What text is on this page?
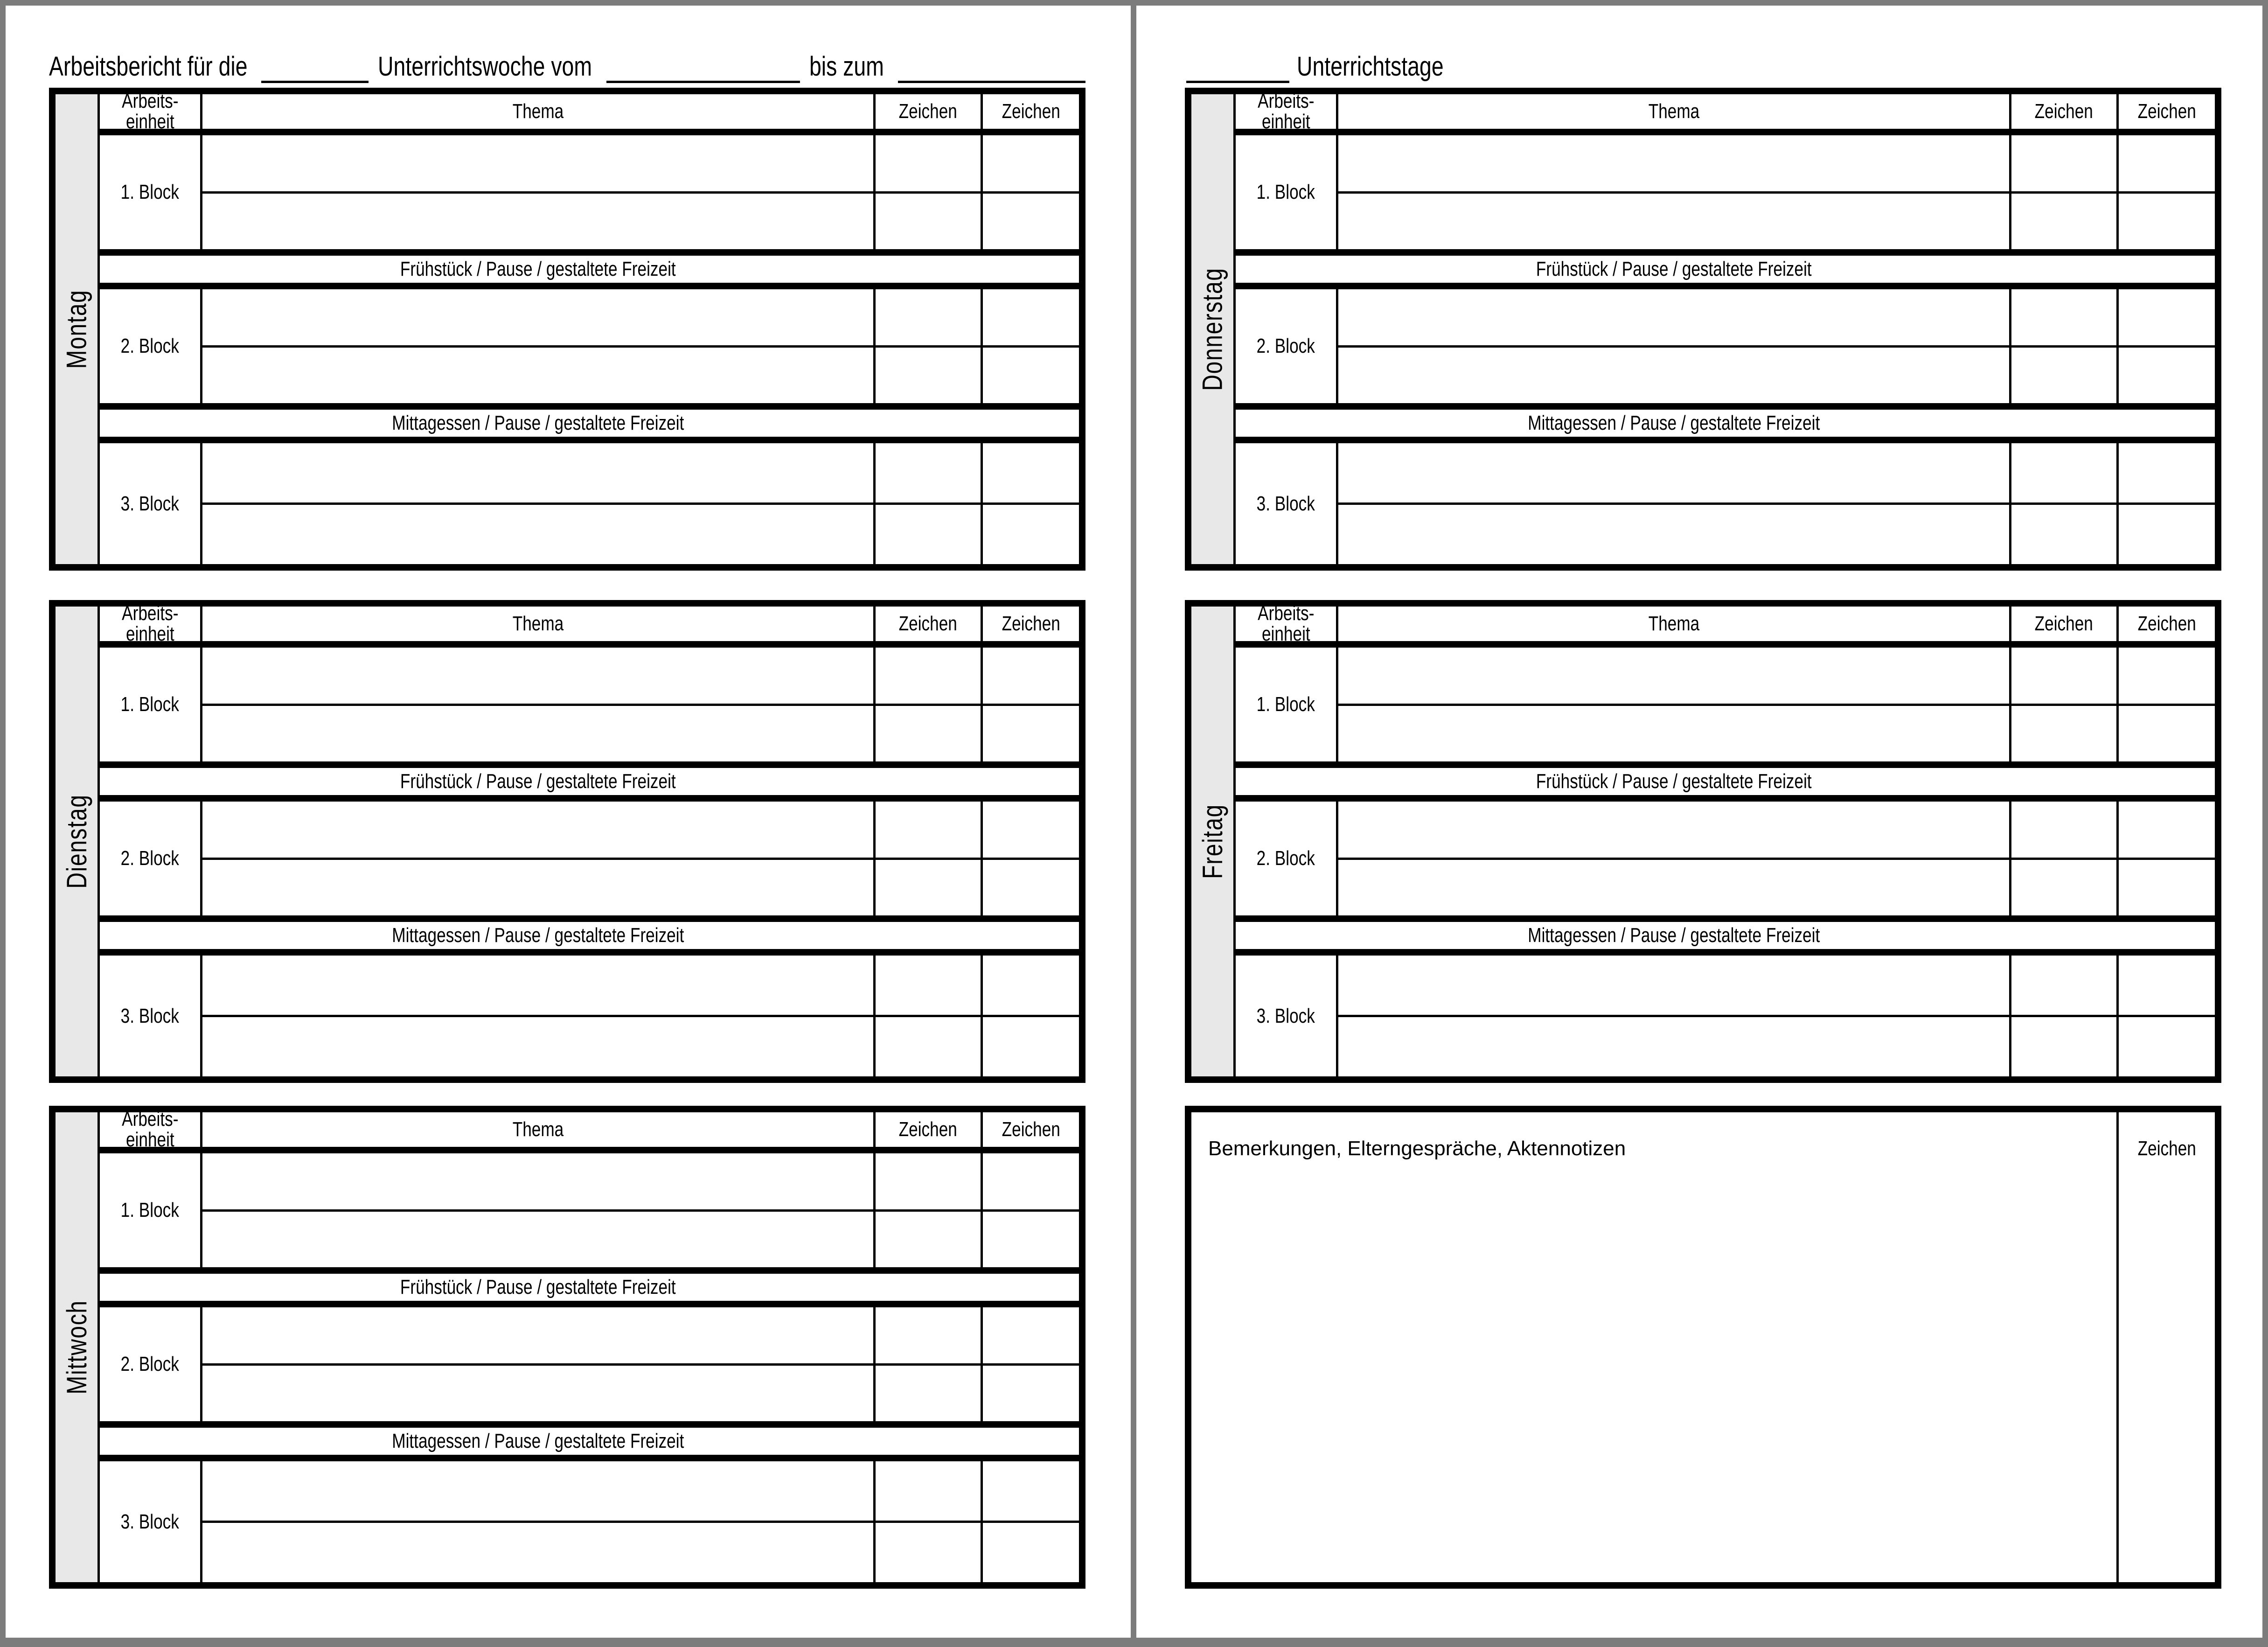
Arbeitsbericht für die	Unterrichtswoche vom	bis zum
Montag
Arbeits-
einheit	Thema	Zeichen Zeichen
1. Block
Frühstück / Pause / gestaltete Freizeit
2. Block
Mittagessen / Pause / gestaltete Freizeit
3. Block
Dienstag
Arbeits-
einheit	Thema	Zeichen Zeichen
1. Block
Frühstück / Pause / gestaltete Freizeit
2. Block
Mittagessen / Pause / gestaltete Freizeit
3. Block
Mittwoch
Arbeits-
einheit	Thema	Zeichen Zeichen
1. Block
Frühstück / Pause / gestaltete Freizeit
2. Block
Mittagessen / Pause / gestaltete Freizeit
3. Block
Unterrichtstage
Donnerstag
Arbeits-
einheit	Thema	Zeichen Zeichen
1. Block
Frühstück / Pause / gestaltete Freizeit
2. Block
Mittagessen / Pause / gestaltete Freizeit
3. Block
Freitag
Arbeits-
einheit	Thema	Zeichen Zeichen
1. Block
Frühstück / Pause / gestaltete Freizeit
2. Block
Mittagessen / Pause / gestaltete Freizeit
3. Block
Bemerkungen, Elterngespräche, Aktennotizen	Zeichen
